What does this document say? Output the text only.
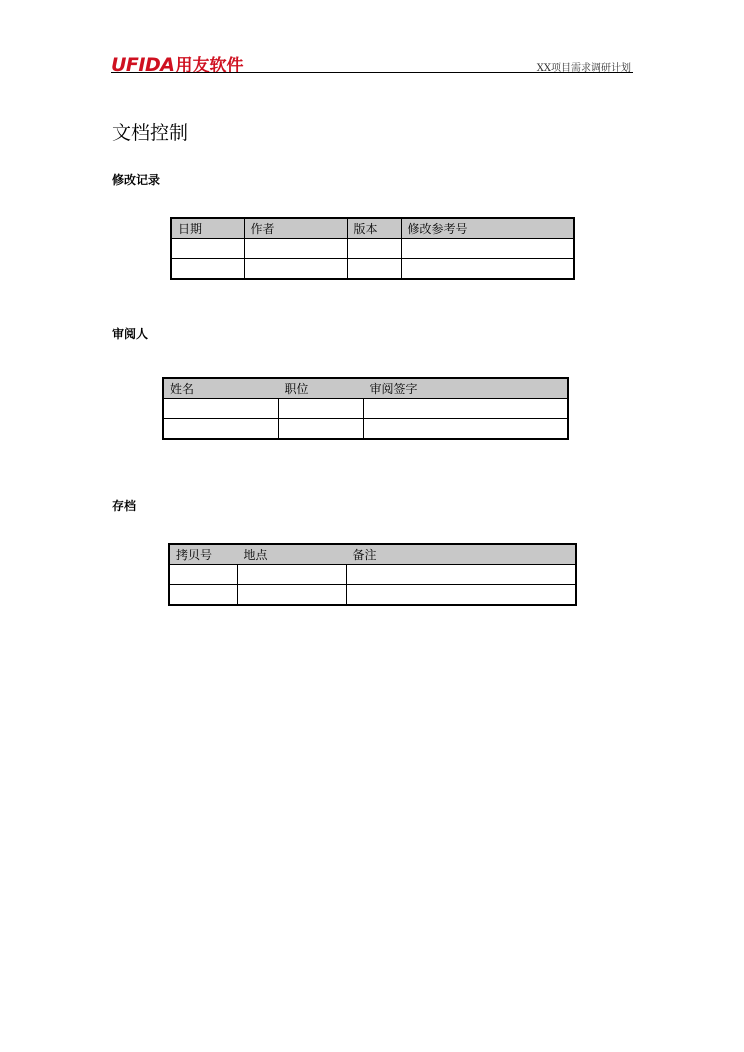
UFIDA用友软件	XX项目需求调研计划
文档控制
修改记录
日期	作者	版本	修改参考号

审阅人
姓名	职位	审阅签字

存档
拷贝号	地点	备注
